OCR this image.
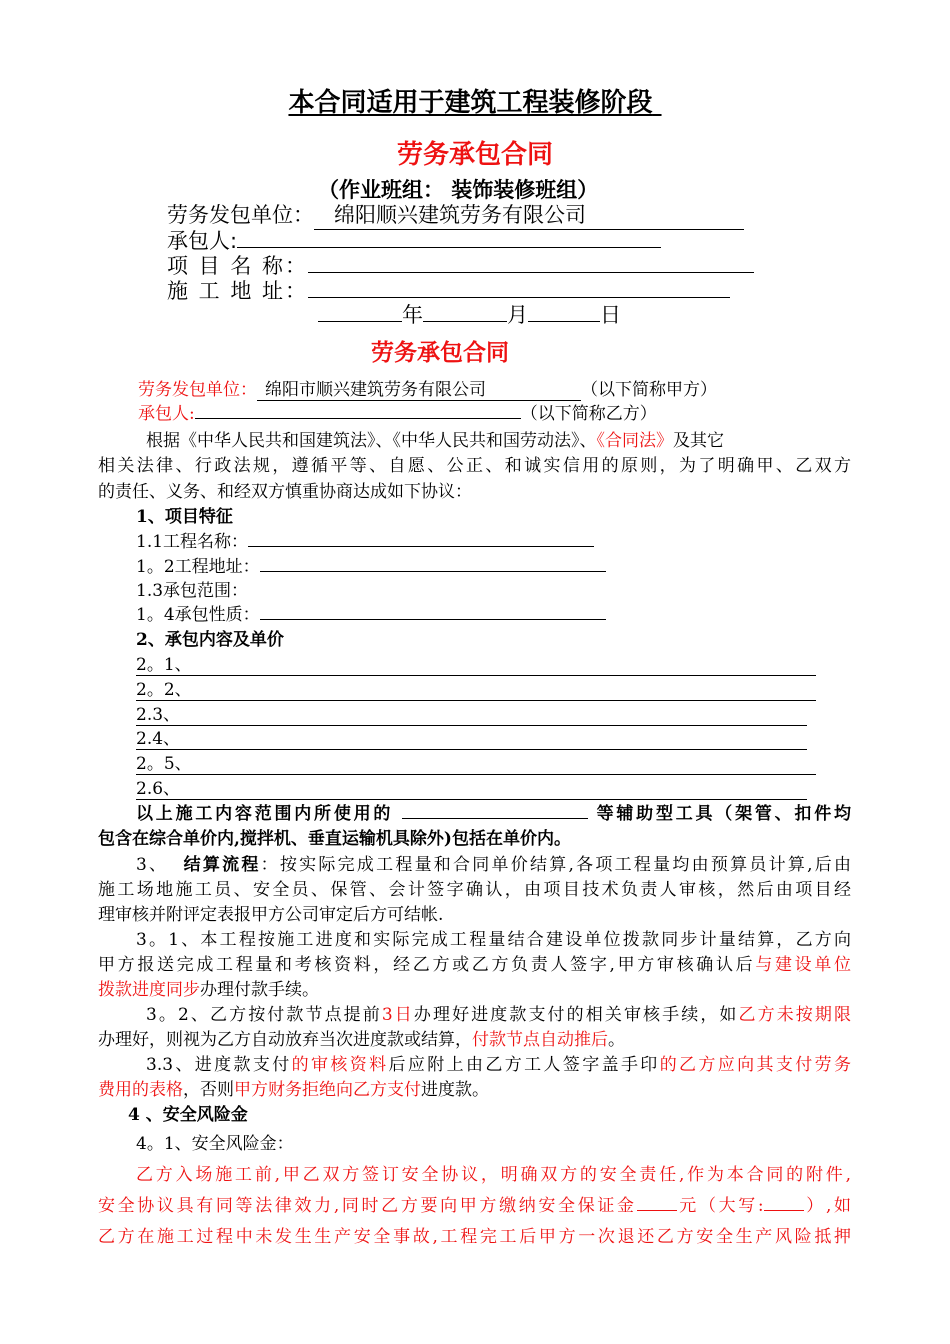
本合同适用于建筑工程装修阶段
劳务承包合同
（作业班组： 装饰装修班组）
劳务发包单位： 绵阳顺兴建筑劳务有限公司
承包人:
项 目 名 称：
施 工 地 址：
年	月	日
劳务承包合同
劳务发包单位： 绵阳市顺兴建筑劳务有限公司	（以下简称甲方）
承包人:	（以下简称乙方）
根据《中华人民共和国建筑法》、《中华人民共和国劳动法》、《合同法》及其它
相关法律、行政法规，遵循平等、自愿、公正、和诚实信用的原则，为了明确甲、乙双方
的责任、义务、和经双方慎重协商达成如下协议：
1、项目特征
1.1工程名称：
1。2工程地址：
1.3承包范围：
1。4承包性质：
2、承包内容及单价
2。1、
2。2、
2.3、
2.4、
2。5、
2.6、
以上施工内容范围内所使用的	等辅助型工具（架管、扣件均
包含在综合单价内,搅拌机、垂直运输机具除外)包括在单价内。
3、 结算流程：按实际完成工程量和合同单价结算,各项工程量均由预算员计算,后由
施工场地施工员、安全员、保管、会计签字确认，由项目技术负责人审核，然后由项目经
理审核并附评定表报甲方公司审定后方可结帐.
3。1、本工程按施工进度和实际完成工程量结合建设单位拨款同步计量结算，乙方向
甲方报送完成工程量和考核资料，经乙方或乙方负责人签字,甲方审核确认后与建设单位
拨款进度同步办理付款手续。
3。2、乙方按付款节点提前3日办理好进度款支付的相关审核手续，如乙方未按期限
办理好，则视为乙方自动放弃当次进度款或结算，付款节点自动推后。
3.3、进度款支付的审核资料后应附上由乙方工人签字盖手印的乙方应向其支付劳务
费用的表格，否则甲方财务拒绝向乙方支付进度款。
4 、安全风险金
4。1、安全风险金：
乙方入场施工前,甲乙双方签订安全协议，明确双方的安全责任,作为本合同的附件,
安全协议具有同等法律效力,同时乙方要向甲方缴纳安全保证金 元（大写: ）,如
乙方在施工过程中未发生生产安全事故,工程完工后甲方一次退还乙方安全生产风险抵押
